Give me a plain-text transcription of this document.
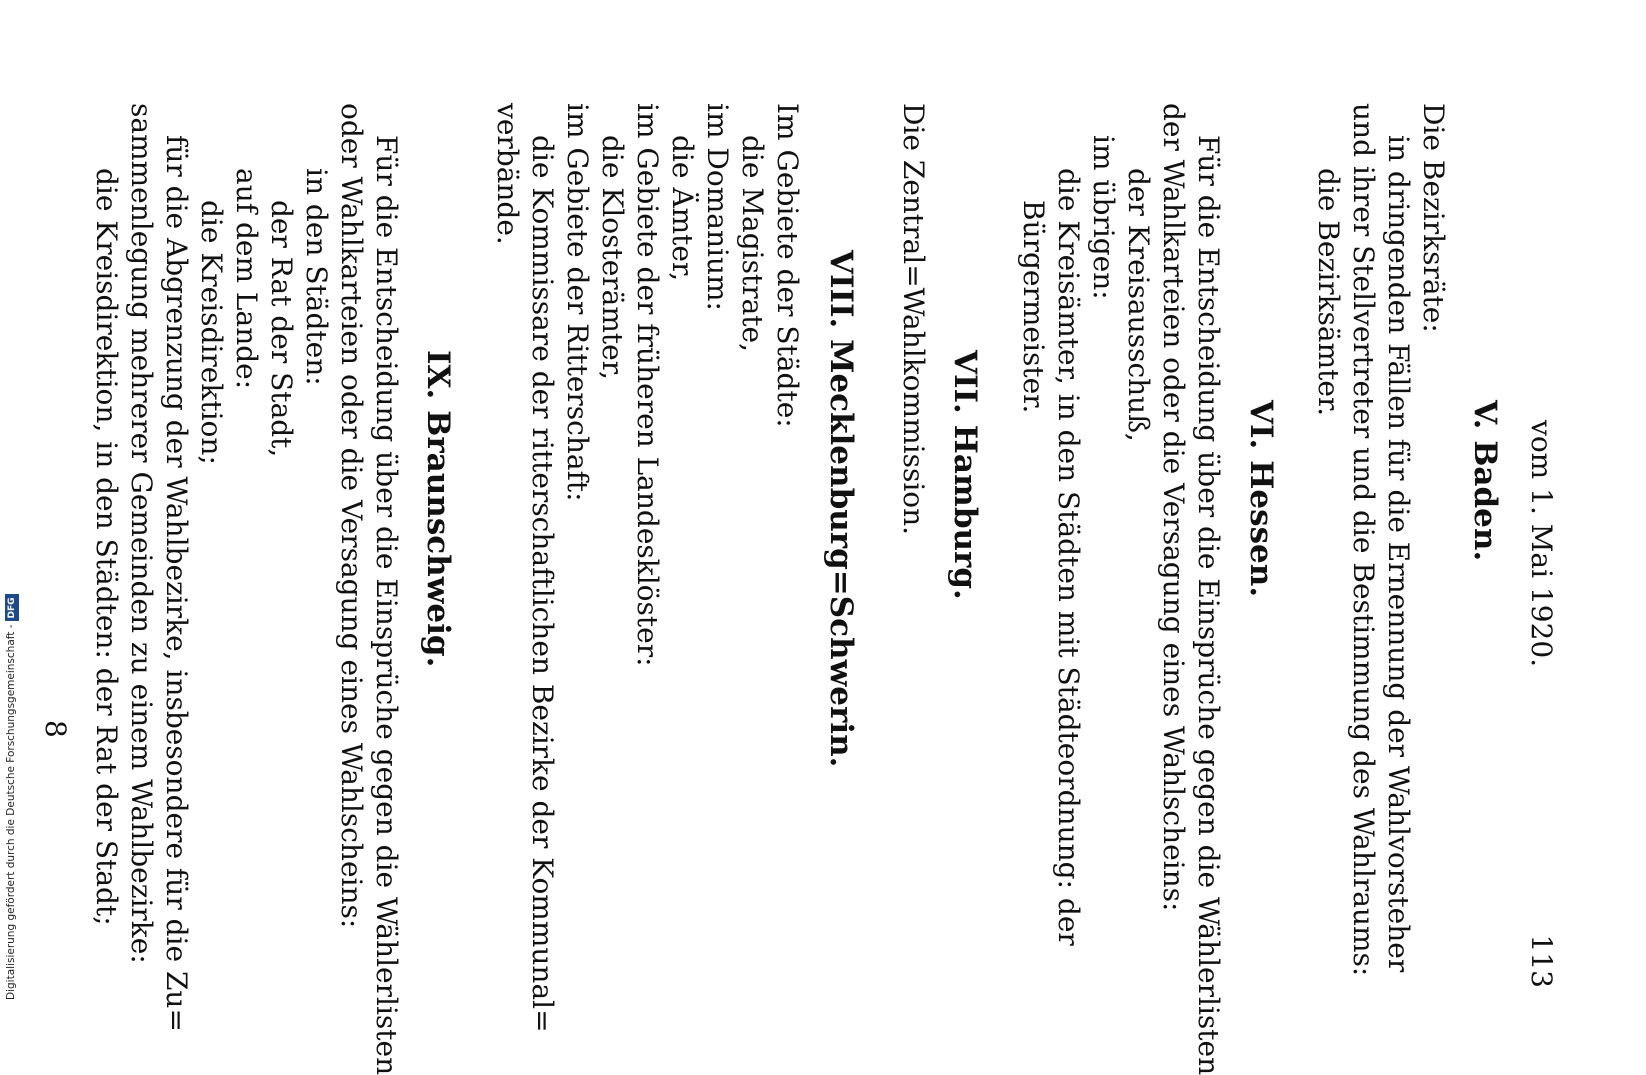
113
vom 1. Mai 1920.
V. Baden.
Die Bezirksräte:
in dringenden Fällen für die Ernennung der Wahlvorsteher
und ihrer Stellvertreter und die Bestimmung des Wahlraums:
die Bezirksämter.
VI. Hessen.
Für die Entscheidung über die Einsprüche gegen die Wählerlisten
der Wahlkarteien oder die Versagung eines Wahlscheins:
der Kreisausschuß,
im übrigen:
die Kreisämter, in den Städten mit Städteordnung: der
Bürgermeister.
VII. Hamburg.
Die Zentral=Wahlkommission.
VIII. Mecklenburg=Schwerin.
Im Gebiete der Städte:
die Magistrate,
im Domanium:
die Ämter,
im Gebiete der früheren Landesklöster:
die Klosterämter,
im Gebiete der Ritterschaft:
die Kommissare der ritterschaftlichen Bezirke der Kommunal=
verbände.
IX. Braunschweig.
Für die Entscheidung über die Einsprüche gegen die Wählerlisten
oder Wahlkarteien oder die Versagung eines Wahlscheins:
in den Städten:
der Rat der Stadt,
auf dem Lande:
die Kreisdirektion;
für die Abgrenzung der Wahlbezirke, insbesondere für die Zu=
sammenlegung mehrerer Gemeinden zu einem Wahlbezirke:
die Kreisdirektion, in den Städten: der Rat der Stadt;
8
Digitalisierung gefördert durch die Deutsche Forschungsgemeinschaft -DFG
